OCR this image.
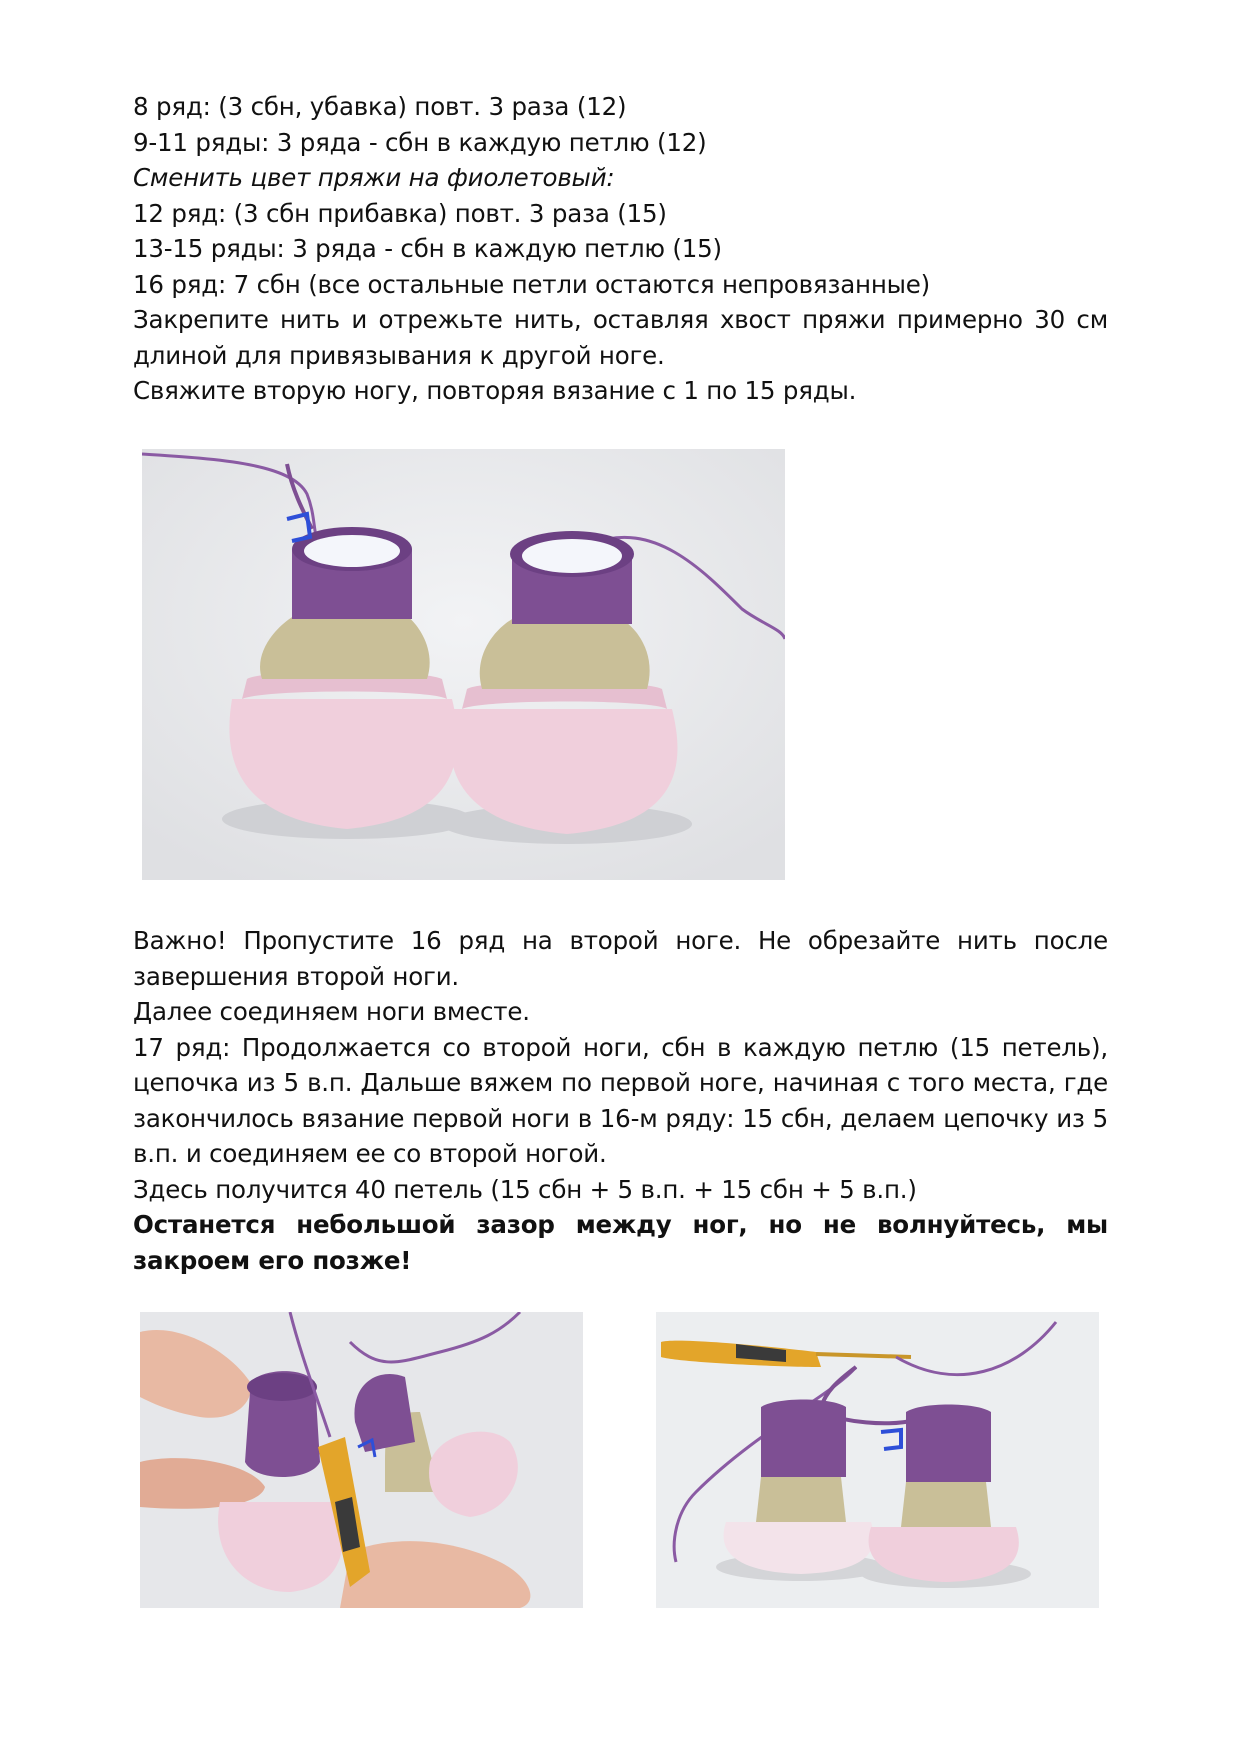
8 ряд: (3 сбн, убавка) повт. 3 раза (12)
9-11 ряды: 3 ряда - сбн в каждую петлю (12)
Сменить цвет пряжи на фиолетовый:
12 ряд: (3 сбн прибавка) повт. 3 раза (15)
13-15 ряды: 3 ряда - сбн в каждую петлю (15)
16 ряд: 7 сбн (все остальные петли остаются непровязанные)
Закрепите нить и отрежьте нить, оставляя хвост пряжи примерно 30 см длиной для привязывания к другой ноге.
Свяжите вторую ногу, повторяя вязание с 1 по 15 ряды.
Важно! Пропустите 16 ряд на второй ноге. Не обрезайте нить после завершения второй ноги.
Далее соединяем ноги вместе.
17 ряд: Продолжается со второй ноги, сбн в каждую петлю (15 петель), цепочка из 5 в.п. Дальше вяжем по первой ноге, начиная с того места, где закончилось вязание первой ноги в 16-м ряду: 15 сбн, делаем цепочку из 5 в.п. и соединяем ее со второй ногой.
Здесь получится 40 петель (15 сбн + 5 в.п. + 15 сбн + 5 в.п.)
Останется небольшой зазор между ног, но не волнуйтесь, мы закроем его позже!
